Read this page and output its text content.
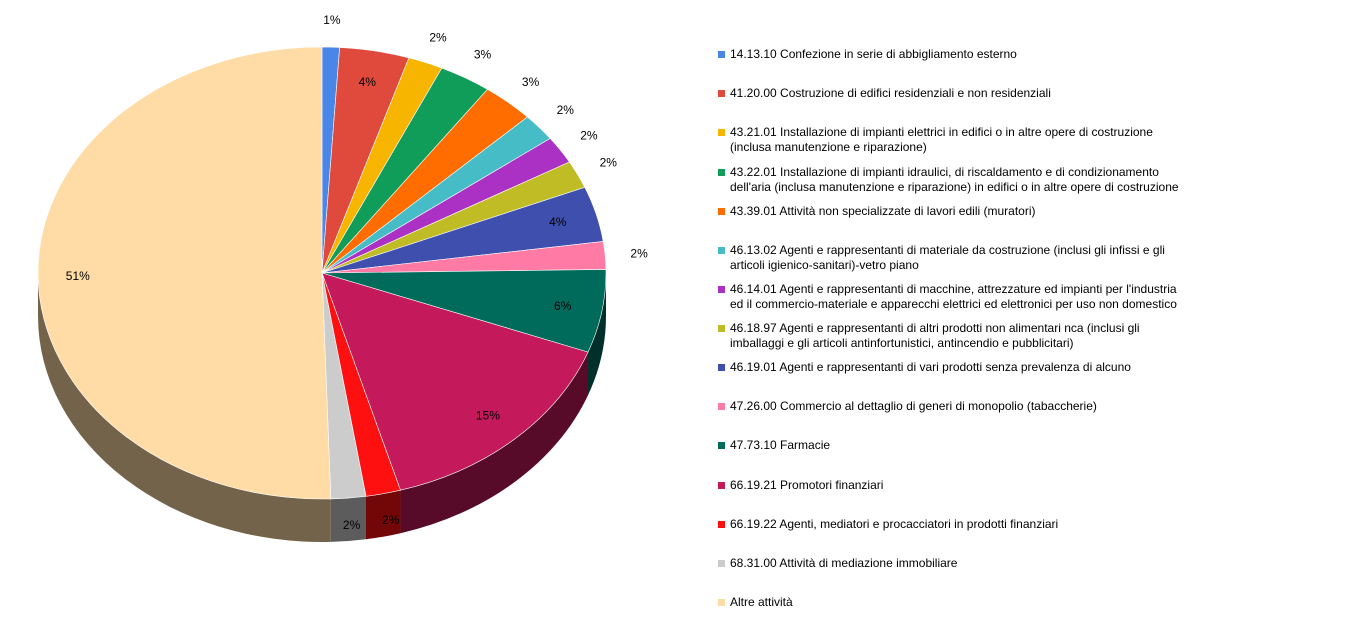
1%
4%
2%
3%
3%
2%
2%
2%
4%
2%
6%
15%
2%
2%
51%
14.13.10 Confezione in serie di abbigliamento esterno
41.20.00 Costruzione di edifici residenziali e non residenziali
43.21.01 Installazione di impianti elettrici in edifici o in altre opere di costruzione
(inclusa manutenzione e riparazione)
43.22.01 Installazione di impianti idraulici, di riscaldamento e di condizionamento
dell'aria (inclusa manutenzione e riparazione) in edifici o in altre opere di costruzione
43.39.01 Attività non specializzate di lavori edili (muratori)
46.13.02 Agenti e rappresentanti di materiale da costruzione (inclusi gli infissi e gli
articoli igienico-sanitari)-vetro piano
46.14.01 Agenti e rappresentanti di macchine, attrezzature ed impianti per l'industria
ed il commercio-materiale e apparecchi elettrici ed elettronici per uso non domestico
46.18.97 Agenti e rappresentanti di altri prodotti non alimentari nca (inclusi gli
imballaggi e gli articoli antinfortunistici, antincendio e pubblicitari)
46.19.01 Agenti e rappresentanti di vari prodotti senza prevalenza di alcuno
47.26.00 Commercio al dettaglio di generi di monopolio (tabaccherie)
47.73.10 Farmacie
66.19.21 Promotori finanziari
66.19.22 Agenti, mediatori e procacciatori in prodotti finanziari
68.31.00 Attività di mediazione immobiliare
Altre attività
